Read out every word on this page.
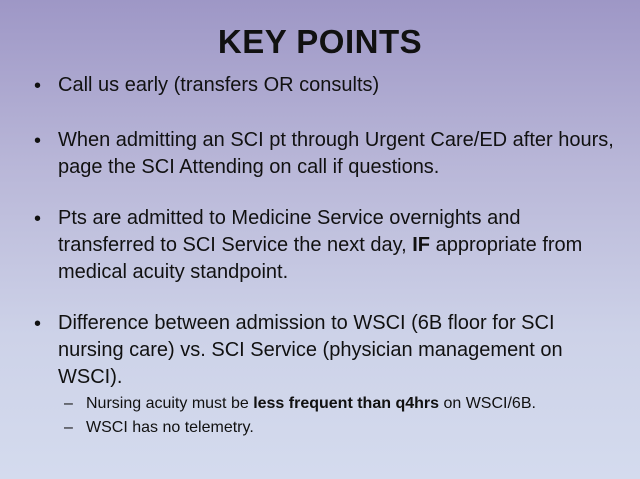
KEY POINTS
• Call us early (transfers OR consults)
• When admitting an SCI pt through Urgent Care/ED after hours, page the SCI Attending on call if questions.
• Pts are admitted to Medicine Service overnights and transferred to SCI Service the next day, IF appropriate from medical acuity standpoint.
• Difference between admission to WSCI (6B floor for SCI nursing care) vs. SCI Service (physician management on WSCI).
– Nursing acuity must be less frequent than q4hrs on WSCI/6B.
– WSCI has no telemetry.
